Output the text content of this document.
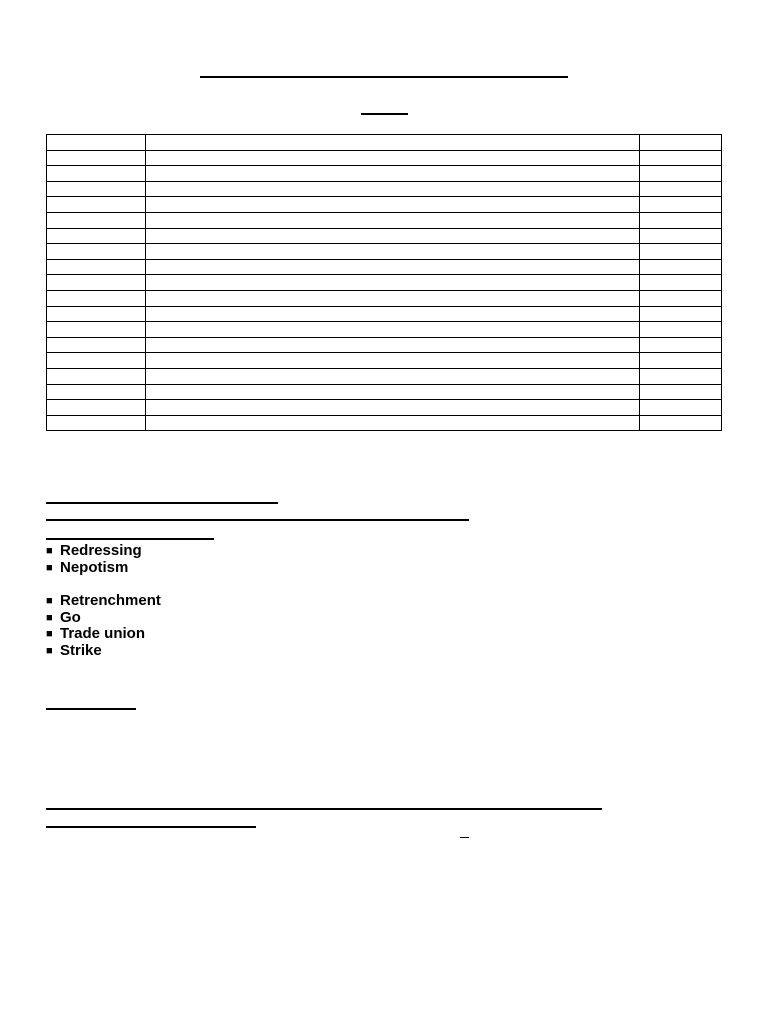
■ Redressing
■ Nepotism
■ Retrenchment
■ Go
■ Trade union
■ Strike
